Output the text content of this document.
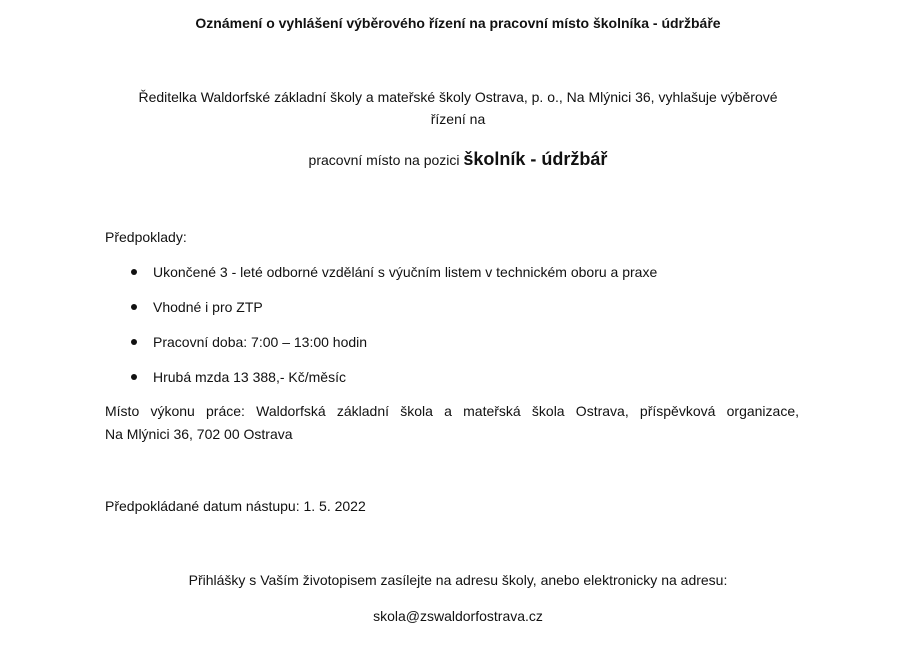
Oznámení o vyhlášení výběrového řízení na pracovní místo školníka - údržbáře
Ředitelka Waldorfské základní školy a mateřské školy Ostrava, p. o., Na Mlýnici 36, vyhlašuje výběrové
řízení na
pracovní místo na pozici školník - údržbář
Předpoklady:
Ukončené 3 - leté odborné vzdělání s výučním listem v technickém oboru a praxe
Vhodné i pro ZTP
Pracovní doba: 7:00 – 13:00 hodin
Hrubá mzda 13 388,- Kč/měsíc
Místo výkonu práce: Waldorfská základní škola a mateřská škola Ostrava, příspěvková organizace,
Na Mlýnici 36, 702 00 Ostrava
Předpokládané datum nástupu: 1. 5. 2022
Přihlášky s Vaším životopisem zasílejte na adresu školy, anebo elektronicky na adresu:
skola@zswaldorfostrava.cz
